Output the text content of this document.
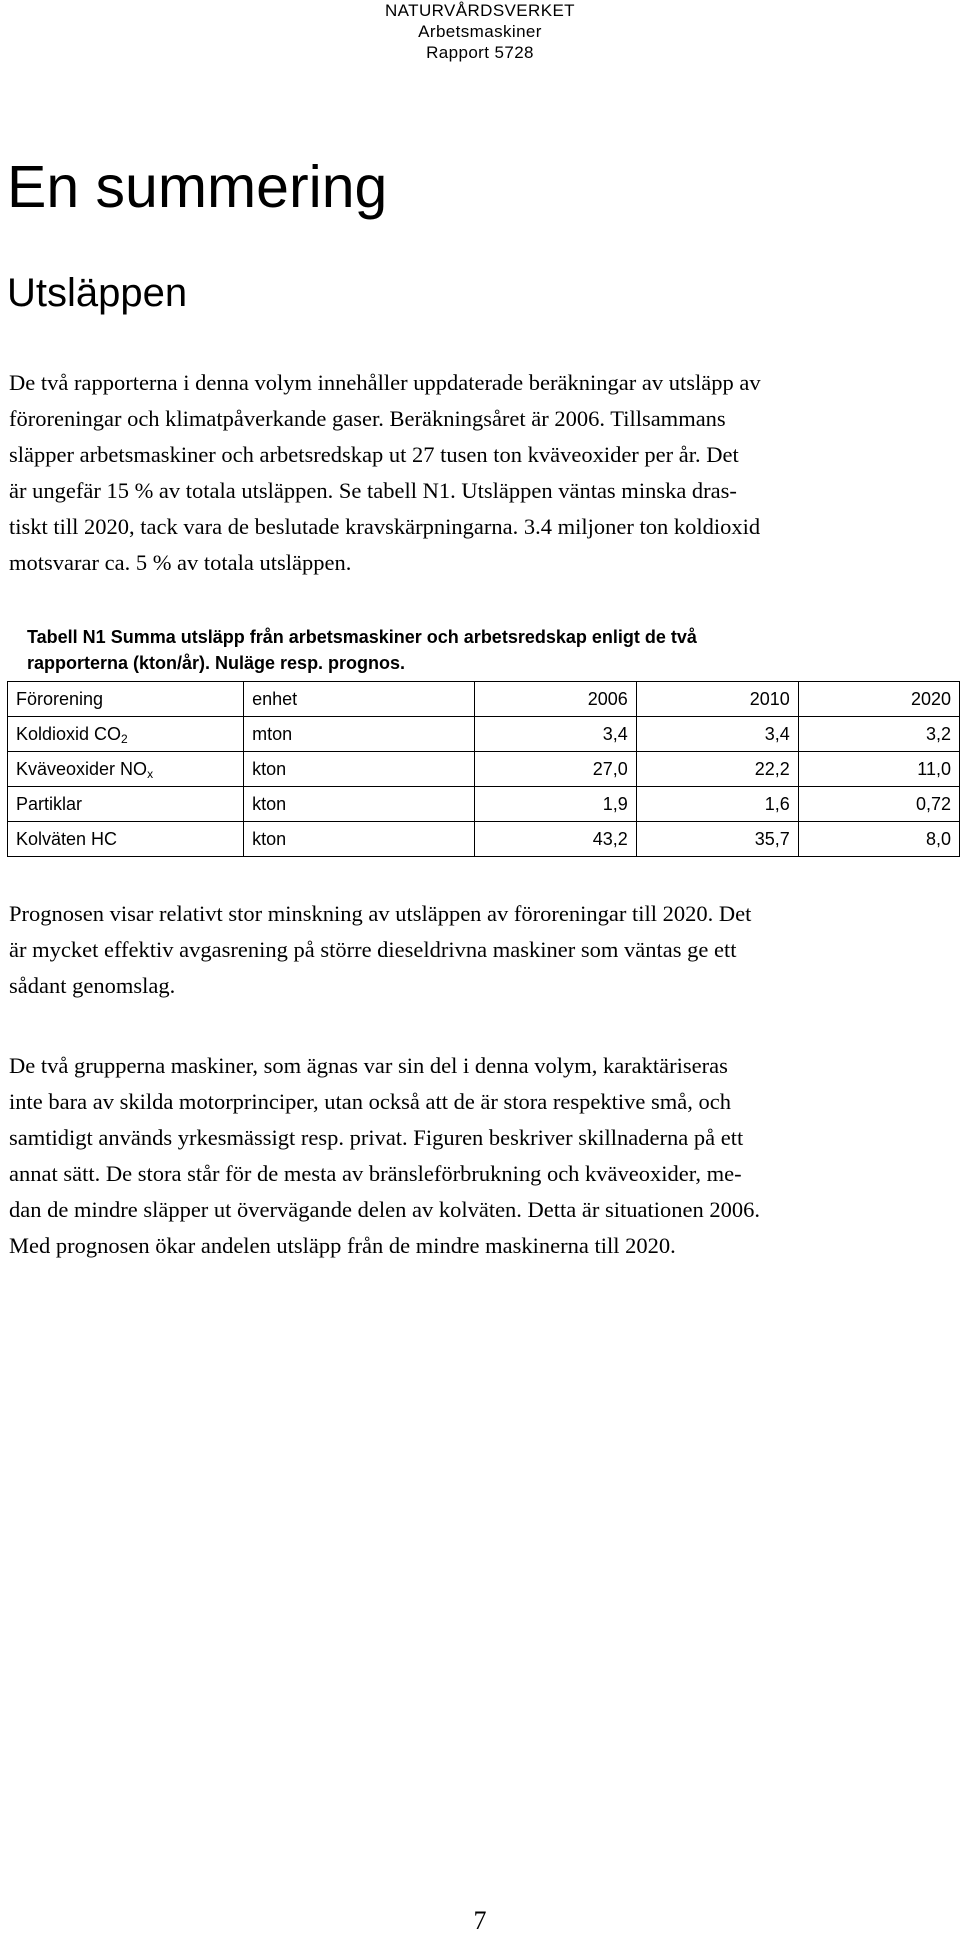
NATURVÅRDSVERKET
Arbetsmaskiner
Rapport 5728
En summering
Utsläppen
De två rapporterna i denna volym innehåller uppdaterade beräkningar av utsläpp av
föroreningar och klimatpåverkande gaser. Beräkningsåret är 2006. Tillsammans
släpper arbetsmaskiner och arbetsredskap ut 27 tusen ton kväveoxider per år. Det
är ungefär 15 % av totala utsläppen. Se tabell N1. Utsläppen väntas minska dras-
tiskt till 2020, tack vara de beslutade kravskärpningarna. 3.4 miljoner ton koldioxid
motsvarar ca. 5 % av totala utsläppen.
Tabell N1 Summa utsläpp från arbetsmaskiner och arbetsredskap enligt de två
rapporterna (kton/år). Nuläge resp. prognos.
Förorening	enhet	2006	2010	2020
Koldioxid $CO_2$	mton	3,4	3,4	3,2
Kväveoxider $NO_x$	kton	27,0	22,2	11,0
Partiklar	kton	1,9	1,6	0,72
Kolväten HC	kton	43,2	35,7	8,0
Prognosen visar relativt stor minskning av utsläppen av föroreningar till 2020. Det
är mycket effektiv avgasrening på större dieseldrivna maskiner som väntas ge ett
sådant genomslag.
De två grupperna maskiner, som ägnas var sin del i denna volym, karaktäriseras
inte bara av skilda motorprinciper, utan också att de är stora respektive små, och
samtidigt används yrkesmässigt resp. privat. Figuren beskriver skillnaderna på ett
annat sätt. De stora står för de mesta av bränsleförbrukning och kväveoxider, me-
dan de mindre släpper ut övervägande delen av kolväten. Detta är situationen 2006.
Med prognosen ökar andelen utsläpp från de mindre maskinerna till 2020.
7
